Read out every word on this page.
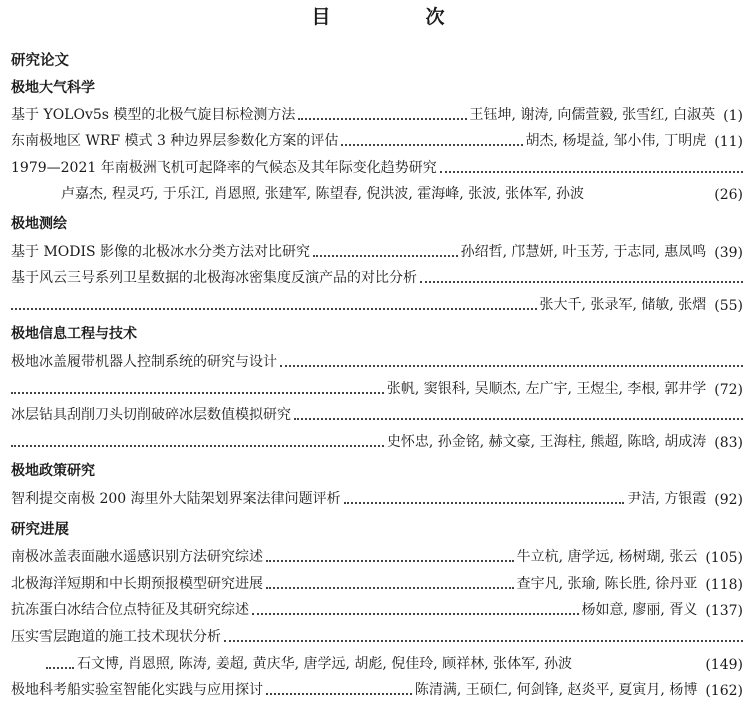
目　次
研究论文
极地大气科学
基于 YOLOv5s 模型的北极气旋目标检测方法	王钰坤, 谢涛, 向儒萱毅, 张雪红, 白淑英 (1)
东南极地区 WRF 模式 3 种边界层参数化方案的评估	胡杰, 杨堤益, 邹小伟, 丁明虎 (11)
1979—2021 年南极洲飞机可起降率的气候态及其年际变化趋势研究
卢嘉杰, 程灵巧, 于乐江, 肖恩照, 张建军, 陈望春, 倪洪波, 霍海峰, 张波, 张体军, 孙波	(26)
极地测绘
基于 MODIS 影像的北极冰水分类方法对比研究	孙绍哲, 邝慧妍, 叶玉芳, 于志同, 惠凤鸣 (39)
基于风云三号系列卫星数据的北极海冰密集度反演产品的对比分析
张大千, 张录军, 储敏, 张熠 (55)
极地信息工程与技术
极地冰盖履带机器人控制系统的研究与设计
张帆, 窦银科, 吴顺杰, 左广宇, 王煜尘, 李根, 郭井学 (72)
冰层钻具刮削刀头切削破碎冰层数值模拟研究
史怀忠, 孙金铭, 赫文豪, 王海柱, 熊超, 陈晗, 胡成涛 (83)
极地政策研究
智利提交南极 200 海里外大陆架划界案法律问题评析	尹洁, 方银霞 (92)
研究进展
南极冰盖表面融水遥感识别方法研究综述	牛立杭, 唐学远, 杨树瑚, 张云 (105)
北极海洋短期和中长期预报模型研究进展	查宇凡, 张瑜, 陈长胜, 徐丹亚 (118)
抗冻蛋白冰结合位点特征及其研究综述	杨如意, 廖丽, 胥义 (137)
压实雪层跑道的施工技术现状分析
石文博, 肖恩照, 陈涛, 姜超, 黄庆华, 唐学远, 胡彪, 倪佳玲, 顾祥林, 张体军, 孙波	(149)
极地科考船实验室智能化实践与应用探讨	陈清满, 王硕仁, 何剑锋, 赵炎平, 夏寅月, 杨博 (162)
